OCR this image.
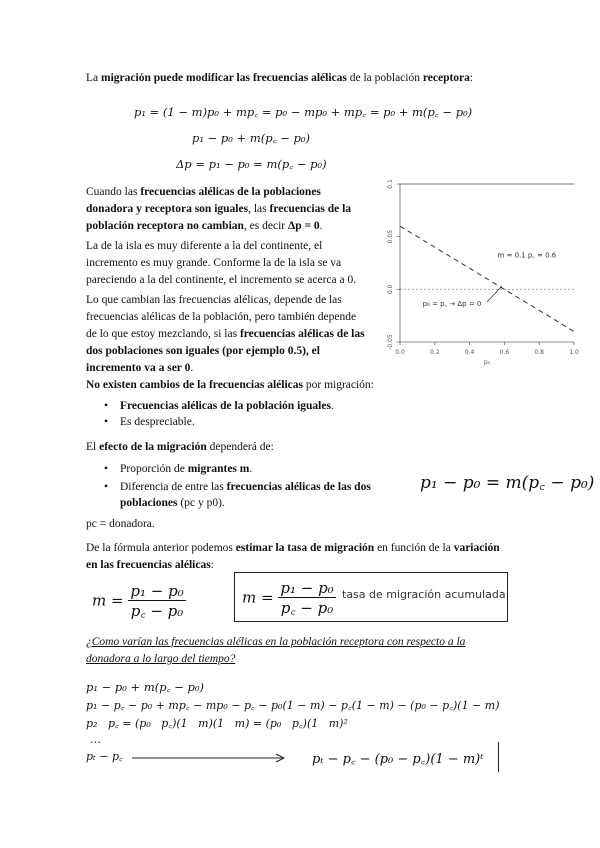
La migración puede modificar las frecuencias alélicas de la población receptora:
p₁ = (1 − m)p₀ + mp꜀ = p₀ − mp₀ + mp꜀ = p₀ + m(p꜀ − p₀)
p₁ − p₀ + m(p꜀ − p₀)
Δp = p₁ − p₀ = m(p꜀ − p₀)
Cuando las frecuencias alélicas de la poblaciones donadora y receptora son iguales, las frecuencias de la población receptora no cambian, es decir Δp = 0.
La de la isla es muy diferente a la del continente, el incremento es muy grande. Conforme la de la isla se va pareciendo a la del continente, el incremento se acerca a 0.
Lo que cambian las frecuencias alélicas, depende de las frecuencias alélicas de la población, pero también depende de lo que estoy mezclando, si las frecuencias alélicas de las dos poblaciones son iguales (por ejemplo 0.5), el incremento va a ser 0.
0.0	0.2	0.4	0.6	0.8	1.0
0.1
0.05
0.0
-0.05
p₀
m = 0.1 p꜀ = 0.6
p₀ = p꜀ → Δp = 0
No existen cambios de la frecuencias alélicas por migración:
• Frecuencias alélicas de la población iguales.
• Es despreciable.
El efecto de la migración dependerá de:
• Proporción de migrantes m.
• Diferencia de entre las frecuencias alélicas de las dos poblaciones (pc y p0).
p₁ − p₀ = m(p꜀ − p₀)
pc = donadora.
De la fórmula anterior podemos estimar la tasa de migración en función de la variación en las frecuencias alélicas:
$m = \frac{\text{p₁ − p₀}}{\text{p꜀ − p₀}}$	$m = \frac{\text{p₁ − p₀}}{\text{p꜀ − p₀}}$ tasa de migración acumulada
¿Como varían las frecuencias alélicas en la población receptora con respecto a la donadora a lo largo del tiempo?
p₁ − p₀ + m(p꜀ − p₀)
p₁ − p꜀ − p₀ + mp꜀ − mp₀ − p꜀ − p₀(1 − m) − p꜀(1 − m) − (p₀ − p꜀)(1 − m)
p₂   p꜀ = (p₀   p꜀)(1   m)(1   m) = (p₀   p꜀)(1   m)²
…
pₜ − p꜀	pₜ − p꜀ − (p₀ − p꜀)(1 − m)ᵗ
